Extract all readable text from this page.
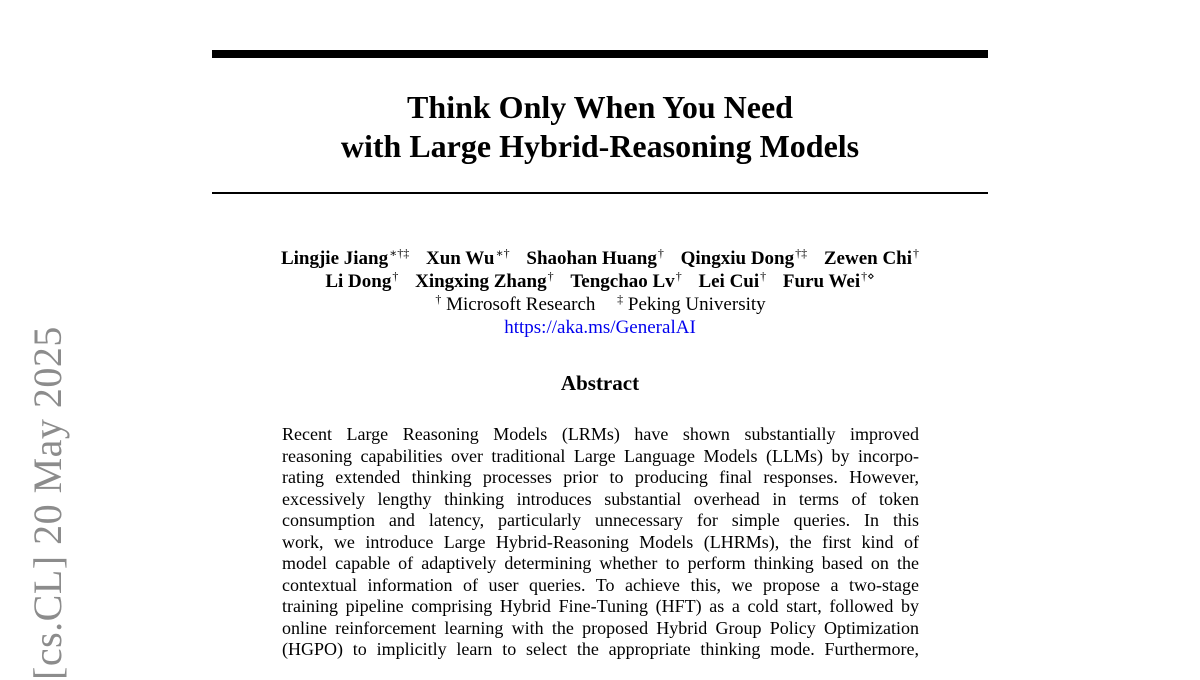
[cs.CL] 20 May 2025
Think Only When You Need
with Large Hybrid-Reasoning Models
Lingjie Jiang∗†‡ Xun Wu∗† Shaohan Huang† Qingxiu Dong†‡ Zewen Chi†
Li Dong† Xingxing Zhang† Tengchao Lv† Lei Cui† Furu Wei†⋄
† Microsoft Research ‡ Peking University
https://aka.ms/GeneralAI
Abstract
Recent Large Reasoning Models (LRMs) have shown substantially improved
reasoning capabilities over traditional Large Language Models (LLMs) by incorpo-
rating extended thinking processes prior to producing final responses. However,
excessively lengthy thinking introduces substantial overhead in terms of token
consumption and latency, particularly unnecessary for simple queries. In this
work, we introduce Large Hybrid-Reasoning Models (LHRMs), the first kind of
model capable of adaptively determining whether to perform thinking based on the
contextual information of user queries. To achieve this, we propose a two-stage
training pipeline comprising Hybrid Fine-Tuning (HFT) as a cold start, followed by
online reinforcement learning with the proposed Hybrid Group Policy Optimization
(HGPO) to implicitly learn to select the appropriate thinking mode. Furthermore,
